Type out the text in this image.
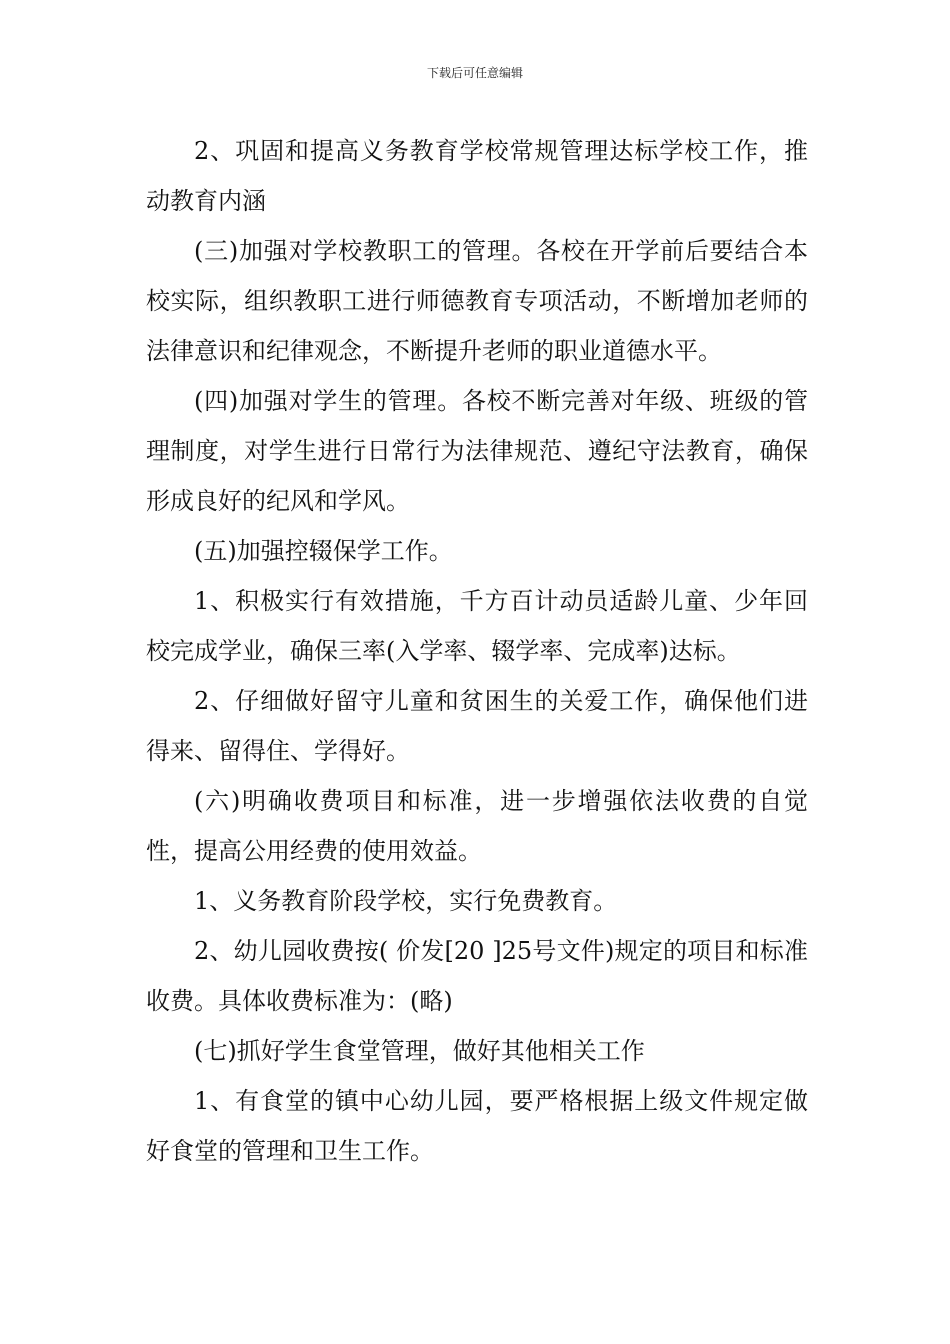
下载后可任意编辑

2、巩固和提高义务教育学校常规管理达标学校工作，推动教育内涵

(三)加强对学校教职工的管理。各校在开学前后要结合本校实际，组织教职工进行师德教育专项活动，不断增加老师的法律意识和纪律观念，不断提升老师的职业道德水平。

(四)加强对学生的管理。各校不断完善对年级、班级的管理制度，对学生进行日常行为法律规范、遵纪守法教育，确保形成良好的纪风和学风。

(五)加强控辍保学工作。

1、积极实行有效措施，千方百计动员适龄儿童、少年回校完成学业，确保三率(入学率、辍学率、完成率)达标。

2、仔细做好留守儿童和贫困生的关爱工作，确保他们进得来、留得住、学得好。

(六)明确收费项目和标准，进一步增强依法收费的自觉性，提高公用经费的使用效益。

1、义务教育阶段学校，实行免费教育。

2、幼儿园收费按( 价发[20 ]25号文件)规定的项目和标准收费。具体收费标准为：(略)

(七)抓好学生食堂管理，做好其他相关工作

1、有食堂的镇中心幼儿园，要严格根据上级文件规定做好食堂的管理和卫生工作。
